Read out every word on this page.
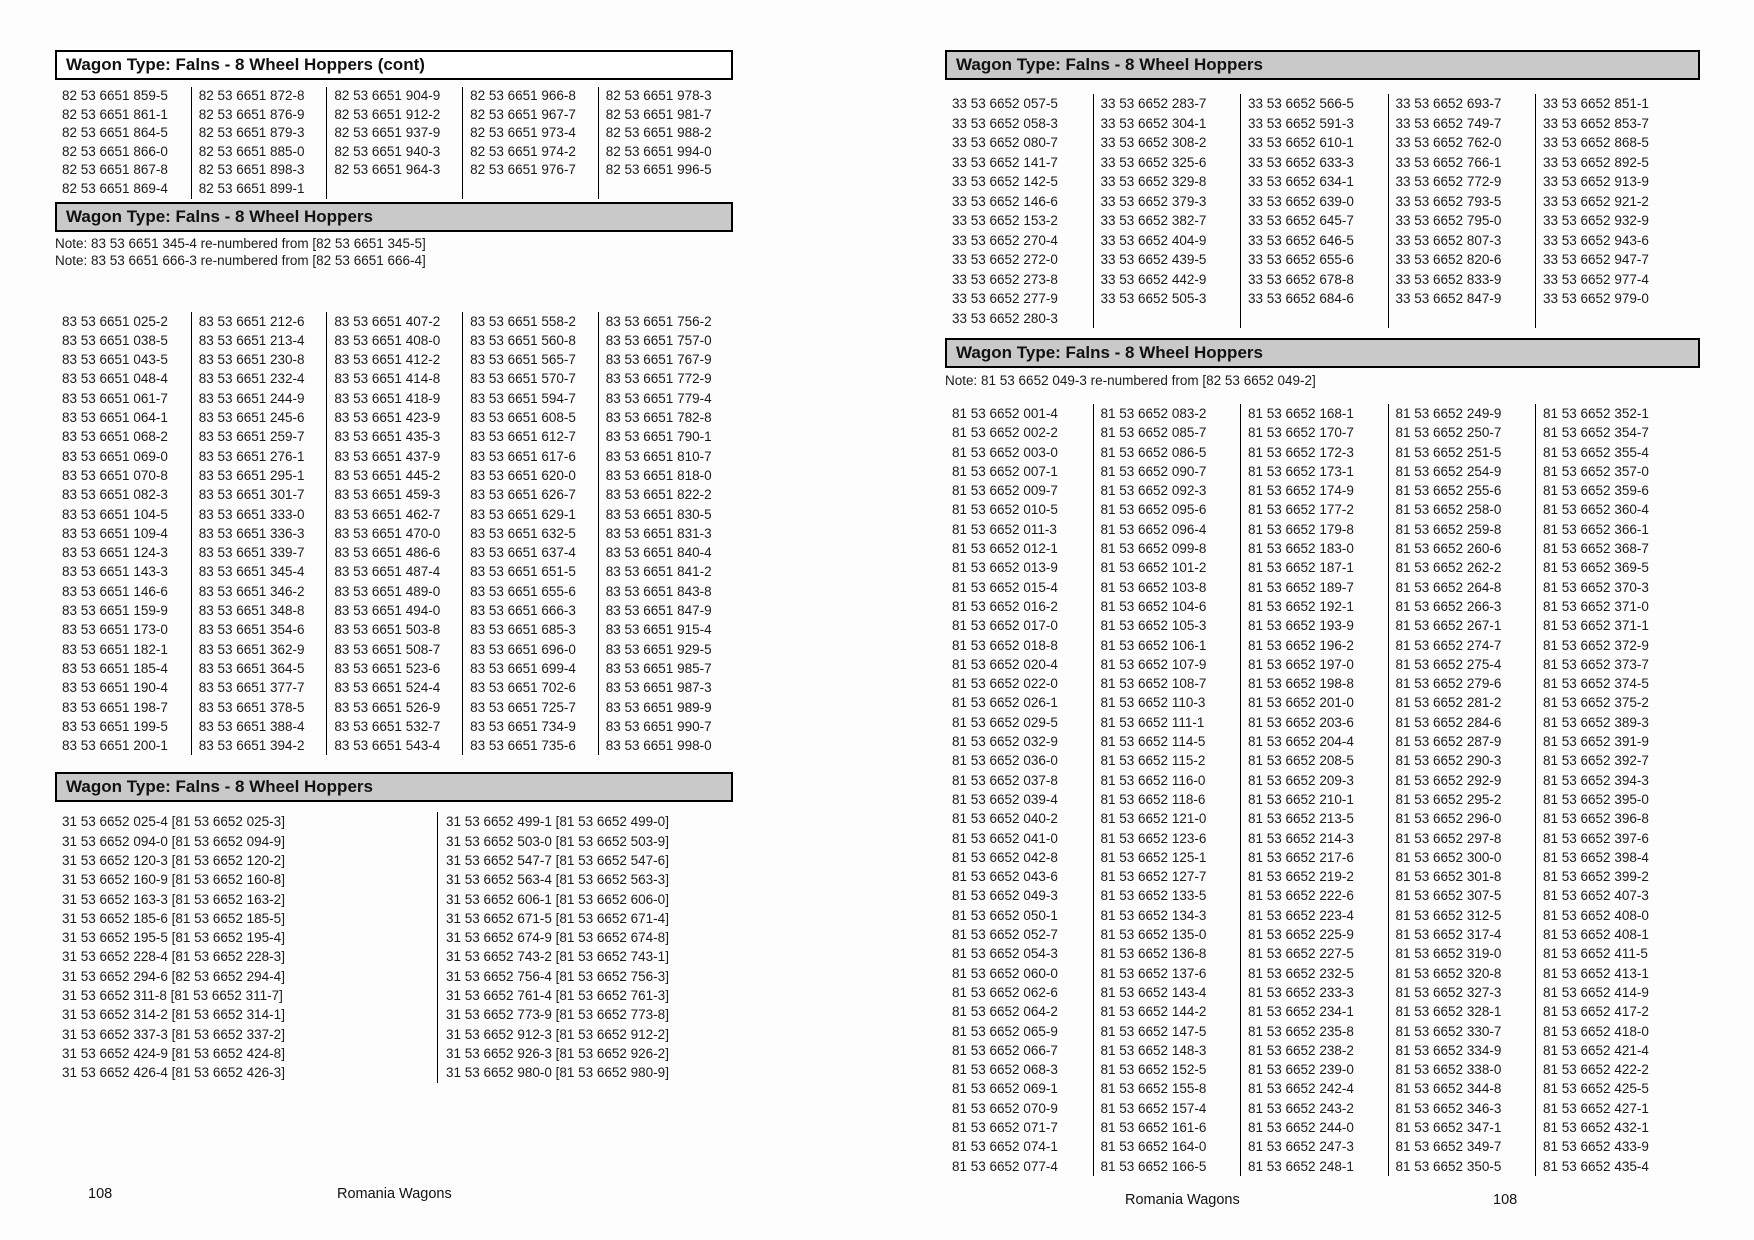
Wagon Type: Falns - 8 Wheel Hoppers (cont)
82 53 6651 859-5
82 53 6651 861-1
82 53 6651 864-5
82 53 6651 866-0
82 53 6651 867-8
82 53 6651 869-4
82 53 6651 872-8
82 53 6651 876-9
82 53 6651 879-3
82 53 6651 885-0
82 53 6651 898-3
82 53 6651 899-1
82 53 6651 904-9
82 53 6651 912-2
82 53 6651 937-9
82 53 6651 940-3
82 53 6651 964-3
82 53 6651 966-8
82 53 6651 967-7
82 53 6651 973-4
82 53 6651 974-2
82 53 6651 976-7
82 53 6651 978-3
82 53 6651 981-7
82 53 6651 988-2
82 53 6651 994-0
82 53 6651 996-5
Wagon Type: Falns - 8 Wheel Hoppers
Note: 83 53 6651 345-4 re-numbered from [82 53 6651 345-5]
Note: 83 53 6651 666-3 re-numbered from [82 53 6651 666-4]
83 53 6651 025-2
83 53 6651 038-5
83 53 6651 043-5
83 53 6651 048-4
83 53 6651 061-7
83 53 6651 064-1
83 53 6651 068-2
83 53 6651 069-0
83 53 6651 070-8
83 53 6651 082-3
83 53 6651 104-5
83 53 6651 109-4
83 53 6651 124-3
83 53 6651 143-3
83 53 6651 146-6
83 53 6651 159-9
83 53 6651 173-0
83 53 6651 182-1
83 53 6651 185-4
83 53 6651 190-4
83 53 6651 198-7
83 53 6651 199-5
83 53 6651 200-1
83 53 6651 212-6
83 53 6651 213-4
83 53 6651 230-8
83 53 6651 232-4
83 53 6651 244-9
83 53 6651 245-6
83 53 6651 259-7
83 53 6651 276-1
83 53 6651 295-1
83 53 6651 301-7
83 53 6651 333-0
83 53 6651 336-3
83 53 6651 339-7
83 53 6651 345-4
83 53 6651 346-2
83 53 6651 348-8
83 53 6651 354-6
83 53 6651 362-9
83 53 6651 364-5
83 53 6651 377-7
83 53 6651 378-5
83 53 6651 388-4
83 53 6651 394-2
83 53 6651 407-2
83 53 6651 408-0
83 53 6651 412-2
83 53 6651 414-8
83 53 6651 418-9
83 53 6651 423-9
83 53 6651 435-3
83 53 6651 437-9
83 53 6651 445-2
83 53 6651 459-3
83 53 6651 462-7
83 53 6651 470-0
83 53 6651 486-6
83 53 6651 487-4
83 53 6651 489-0
83 53 6651 494-0
83 53 6651 503-8
83 53 6651 508-7
83 53 6651 523-6
83 53 6651 524-4
83 53 6651 526-9
83 53 6651 532-7
83 53 6651 543-4
83 53 6651 558-2
83 53 6651 560-8
83 53 6651 565-7
83 53 6651 570-7
83 53 6651 594-7
83 53 6651 608-5
83 53 6651 612-7
83 53 6651 617-6
83 53 6651 620-0
83 53 6651 626-7
83 53 6651 629-1
83 53 6651 632-5
83 53 6651 637-4
83 53 6651 651-5
83 53 6651 655-6
83 53 6651 666-3
83 53 6651 685-3
83 53 6651 696-0
83 53 6651 699-4
83 53 6651 702-6
83 53 6651 725-7
83 53 6651 734-9
83 53 6651 735-6
83 53 6651 756-2
83 53 6651 757-0
83 53 6651 767-9
83 53 6651 772-9
83 53 6651 779-4
83 53 6651 782-8
83 53 6651 790-1
83 53 6651 810-7
83 53 6651 818-0
83 53 6651 822-2
83 53 6651 830-5
83 53 6651 831-3
83 53 6651 840-4
83 53 6651 841-2
83 53 6651 843-8
83 53 6651 847-9
83 53 6651 915-4
83 53 6651 929-5
83 53 6651 985-7
83 53 6651 987-3
83 53 6651 989-9
83 53 6651 990-7
83 53 6651 998-0
Wagon Type: Falns - 8 Wheel Hoppers
31 53 6652 025-4 [81 53 6652 025-3]
31 53 6652 094-0 [81 53 6652 094-9]
31 53 6652 120-3 [81 53 6652 120-2]
31 53 6652 160-9 [81 53 6652 160-8]
31 53 6652 163-3 [81 53 6652 163-2]
31 53 6652 185-6 [81 53 6652 185-5]
31 53 6652 195-5 [81 53 6652 195-4]
31 53 6652 228-4 [81 53 6652 228-3]
31 53 6652 294-6 [82 53 6652 294-4]
31 53 6652 311-8 [81 53 6652 311-7]
31 53 6652 314-2 [81 53 6652 314-1]
31 53 6652 337-3 [81 53 6652 337-2]
31 53 6652 424-9 [81 53 6652 424-8]
31 53 6652 426-4 [81 53 6652 426-3]
31 53 6652 499-1 [81 53 6652 499-0]
31 53 6652 503-0 [81 53 6652 503-9]
31 53 6652 547-7 [81 53 6652 547-6]
31 53 6652 563-4 [81 53 6652 563-3]
31 53 6652 606-1 [81 53 6652 606-0]
31 53 6652 671-5 [81 53 6652 671-4]
31 53 6652 674-9 [81 53 6652 674-8]
31 53 6652 743-2 [81 53 6652 743-1]
31 53 6652 756-4 [81 53 6652 756-3]
31 53 6652 761-4 [81 53 6652 761-3]
31 53 6652 773-9 [81 53 6652 773-8]
31 53 6652 912-3 [81 53 6652 912-2]
31 53 6652 926-3 [81 53 6652 926-2]
31 53 6652 980-0 [81 53 6652 980-9]
108	Romania Wagons
Wagon Type: Falns - 8 Wheel Hoppers
33 53 6652 057-5
33 53 6652 058-3
33 53 6652 080-7
33 53 6652 141-7
33 53 6652 142-5
33 53 6652 146-6
33 53 6652 153-2
33 53 6652 270-4
33 53 6652 272-0
33 53 6652 273-8
33 53 6652 277-9
33 53 6652 280-3
33 53 6652 283-7
33 53 6652 304-1
33 53 6652 308-2
33 53 6652 325-6
33 53 6652 329-8
33 53 6652 379-3
33 53 6652 382-7
33 53 6652 404-9
33 53 6652 439-5
33 53 6652 442-9
33 53 6652 505-3
33 53 6652 566-5
33 53 6652 591-3
33 53 6652 610-1
33 53 6652 633-3
33 53 6652 634-1
33 53 6652 639-0
33 53 6652 645-7
33 53 6652 646-5
33 53 6652 655-6
33 53 6652 678-8
33 53 6652 684-6
33 53 6652 693-7
33 53 6652 749-7
33 53 6652 762-0
33 53 6652 766-1
33 53 6652 772-9
33 53 6652 793-5
33 53 6652 795-0
33 53 6652 807-3
33 53 6652 820-6
33 53 6652 833-9
33 53 6652 847-9
33 53 6652 851-1
33 53 6652 853-7
33 53 6652 868-5
33 53 6652 892-5
33 53 6652 913-9
33 53 6652 921-2
33 53 6652 932-9
33 53 6652 943-6
33 53 6652 947-7
33 53 6652 977-4
33 53 6652 979-0
Wagon Type: Falns - 8 Wheel Hoppers
Note: 81 53 6652 049-3 re-numbered from [82 53 6652 049-2]
81 53 6652 001-4
81 53 6652 002-2
81 53 6652 003-0
81 53 6652 007-1
81 53 6652 009-7
81 53 6652 010-5
81 53 6652 011-3
81 53 6652 012-1
81 53 6652 013-9
81 53 6652 015-4
81 53 6652 016-2
81 53 6652 017-0
81 53 6652 018-8
81 53 6652 020-4
81 53 6652 022-0
81 53 6652 026-1
81 53 6652 029-5
81 53 6652 032-9
81 53 6652 036-0
81 53 6652 037-8
81 53 6652 039-4
81 53 6652 040-2
81 53 6652 041-0
81 53 6652 042-8
81 53 6652 043-6
81 53 6652 049-3
81 53 6652 050-1
81 53 6652 052-7
81 53 6652 054-3
81 53 6652 060-0
81 53 6652 062-6
81 53 6652 064-2
81 53 6652 065-9
81 53 6652 066-7
81 53 6652 068-3
81 53 6652 069-1
81 53 6652 070-9
81 53 6652 071-7
81 53 6652 074-1
81 53 6652 077-4
81 53 6652 083-2
81 53 6652 085-7
81 53 6652 086-5
81 53 6652 090-7
81 53 6652 092-3
81 53 6652 095-6
81 53 6652 096-4
81 53 6652 099-8
81 53 6652 101-2
81 53 6652 103-8
81 53 6652 104-6
81 53 6652 105-3
81 53 6652 106-1
81 53 6652 107-9
81 53 6652 108-7
81 53 6652 110-3
81 53 6652 111-1
81 53 6652 114-5
81 53 6652 115-2
81 53 6652 116-0
81 53 6652 118-6
81 53 6652 121-0
81 53 6652 123-6
81 53 6652 125-1
81 53 6652 127-7
81 53 6652 133-5
81 53 6652 134-3
81 53 6652 135-0
81 53 6652 136-8
81 53 6652 137-6
81 53 6652 143-4
81 53 6652 144-2
81 53 6652 147-5
81 53 6652 148-3
81 53 6652 152-5
81 53 6652 155-8
81 53 6652 157-4
81 53 6652 161-6
81 53 6652 164-0
81 53 6652 166-5
81 53 6652 168-1
81 53 6652 170-7
81 53 6652 172-3
81 53 6652 173-1
81 53 6652 174-9
81 53 6652 177-2
81 53 6652 179-8
81 53 6652 183-0
81 53 6652 187-1
81 53 6652 189-7
81 53 6652 192-1
81 53 6652 193-9
81 53 6652 196-2
81 53 6652 197-0
81 53 6652 198-8
81 53 6652 201-0
81 53 6652 203-6
81 53 6652 204-4
81 53 6652 208-5
81 53 6652 209-3
81 53 6652 210-1
81 53 6652 213-5
81 53 6652 214-3
81 53 6652 217-6
81 53 6652 219-2
81 53 6652 222-6
81 53 6652 223-4
81 53 6652 225-9
81 53 6652 227-5
81 53 6652 232-5
81 53 6652 233-3
81 53 6652 234-1
81 53 6652 235-8
81 53 6652 238-2
81 53 6652 239-0
81 53 6652 242-4
81 53 6652 243-2
81 53 6652 244-0
81 53 6652 247-3
81 53 6652 248-1
81 53 6652 249-9
81 53 6652 250-7
81 53 6652 251-5
81 53 6652 254-9
81 53 6652 255-6
81 53 6652 258-0
81 53 6652 259-8
81 53 6652 260-6
81 53 6652 262-2
81 53 6652 264-8
81 53 6652 266-3
81 53 6652 267-1
81 53 6652 274-7
81 53 6652 275-4
81 53 6652 279-6
81 53 6652 281-2
81 53 6652 284-6
81 53 6652 287-9
81 53 6652 290-3
81 53 6652 292-9
81 53 6652 295-2
81 53 6652 296-0
81 53 6652 297-8
81 53 6652 300-0
81 53 6652 301-8
81 53 6652 307-5
81 53 6652 312-5
81 53 6652 317-4
81 53 6652 319-0
81 53 6652 320-8
81 53 6652 327-3
81 53 6652 328-1
81 53 6652 330-7
81 53 6652 334-9
81 53 6652 338-0
81 53 6652 344-8
81 53 6652 346-3
81 53 6652 347-1
81 53 6652 349-7
81 53 6652 350-5
81 53 6652 352-1
81 53 6652 354-7
81 53 6652 355-4
81 53 6652 357-0
81 53 6652 359-6
81 53 6652 360-4
81 53 6652 366-1
81 53 6652 368-7
81 53 6652 369-5
81 53 6652 370-3
81 53 6652 371-0
81 53 6652 371-1
81 53 6652 372-9
81 53 6652 373-7
81 53 6652 374-5
81 53 6652 375-2
81 53 6652 389-3
81 53 6652 391-9
81 53 6652 392-7
81 53 6652 394-3
81 53 6652 395-0
81 53 6652 396-8
81 53 6652 397-6
81 53 6652 398-4
81 53 6652 399-2
81 53 6652 407-3
81 53 6652 408-0
81 53 6652 408-1
81 53 6652 411-5
81 53 6652 413-1
81 53 6652 414-9
81 53 6652 417-2
81 53 6652 418-0
81 53 6652 421-4
81 53 6652 422-2
81 53 6652 425-5
81 53 6652 427-1
81 53 6652 432-1
81 53 6652 433-9
81 53 6652 435-4
Romania Wagons	108
